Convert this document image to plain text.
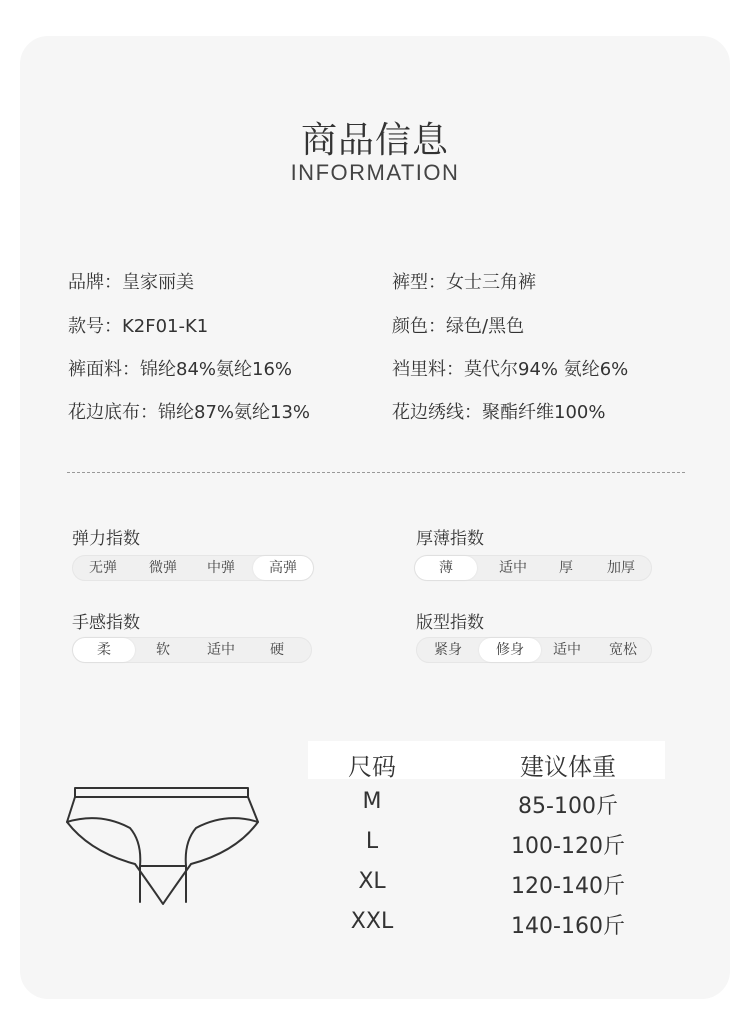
商品信息
INFORMATION
品牌：皇家丽美	裤型：女士三角裤
款号：K2F01-K1	颜色：绿色/黑色
裤面料：锦纶84%氨纶16%	裆里料：莫代尔94% 氨纶6%
花边底布：锦纶87%氨纶13%	花边绣线：聚酯纤维100%
弹力指数
无弹	微弹	中弹	高弹
厚薄指数
薄	适中	厚	加厚
手感指数
柔	软	适中	硬
版型指数
紧身	修身	适中	宽松
尺码	建议体重
M	85-100斤
L	100-120斤
XL	120-140斤
XXL	140-160斤
